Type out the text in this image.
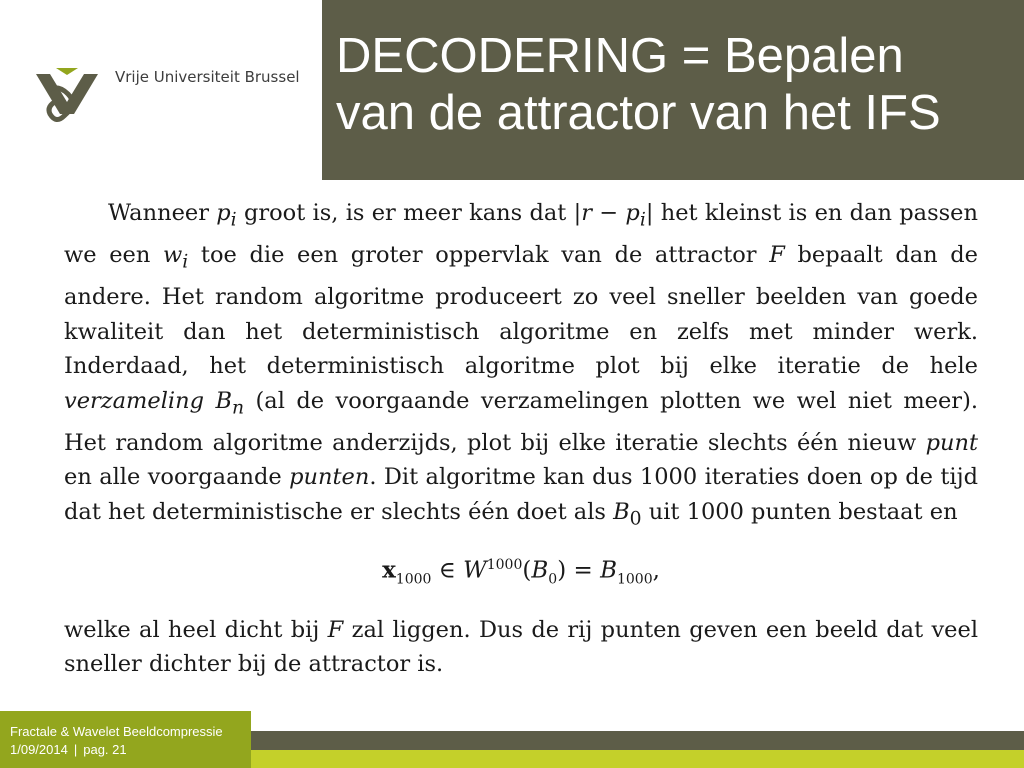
Vrije Universiteit Brussel DECODERING = Bepalen
van de attractor van het IFS

Wanneer $p_i$ groot is, is er meer kans dat $|r - p_i|$ het kleinst is en dan passen we een $w_i$ toe die een groter oppervlak van de attractor F bepaalt dan de andere. Het random algoritme produceert zo veel sneller beelden van goede kwaliteit dan het deterministisch algoritme en zelfs met minder werk. Inderdaad, het deterministisch algoritme plot bij elke iteratie de hele verzameling $B_n$ (al de voorgaande verzamelingen plotten we wel niet meer). Het random algoritme anderzijds, plot bij elke iteratie slechts één nieuw punt en alle voorgaande punten. Dit algoritme kan dus 1000 iteraties doen op de tijd dat het deterministische er slechts één doet als $B_0$ uit 1000 punten bestaat en

$x_{1000}$ ∈ $W^{1000}(B_0) = B_{1000}$,

welke al heel dicht bij F zal liggen. Dus de rij punten geven een beeld dat veel sneller dichter bij de attractor is.

Fractale & Wavelet Beeldcompressie
1/09/2014 | pag. 21
